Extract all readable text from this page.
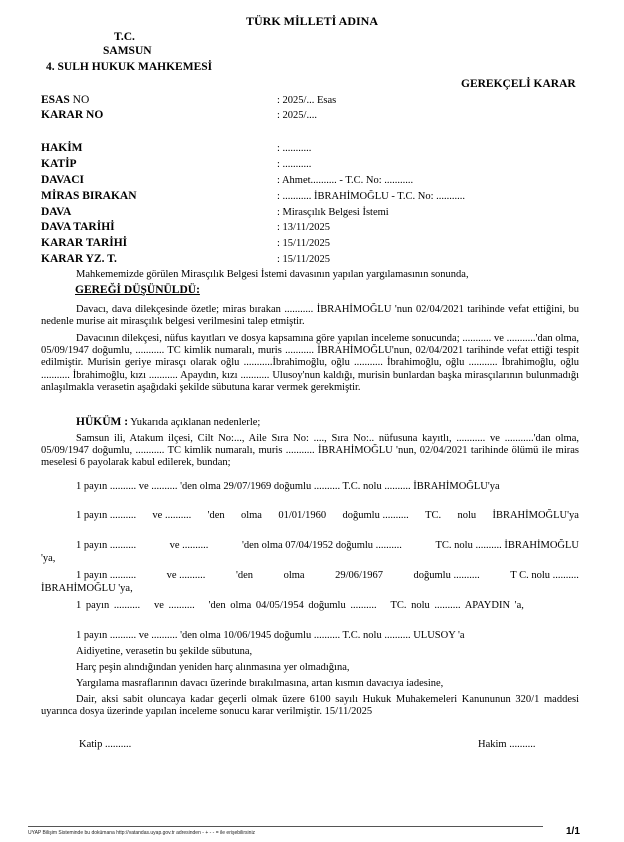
TÜRK MİLLETİ ADINA
T.C.
SAMSUN
4. SULH HUKUK MAHKEMESİ
GEREKÇELİ KARAR
ESAS NO	: 2025/... Esas
KARAR NO	: 2025/....
HAKİM	: ...........
KATİP	: ...........
DAVACI	: Ahmet.......... - T.C. No: ...........
MİRAS BIRAKAN	: ........... İBRAHİMOĞLU - T.C. No: ...........
DAVA	: Mirasçılık Belgesi İstemi
DAVA TARİHİ	: 13/11/2025
KARAR TARİHİ	: 15/11/2025
KARAR YZ. T.	: 15/11/2025
Mahkememizde görülen Mirasçılık Belgesi İstemi davasının yapılan yargılamasının sonunda,
GEREĞİ DÜŞÜNÜLDÜ:
Davacı, dava dilekçesinde özetle; miras bırakan ........... İBRAHİMOĞLU 'nun 02/04/2021 tarihinde vefat ettiğini, bu nedenle murise ait mirasçılık belgesi verilmesini talep etmiştir.
Davacının dilekçesi, nüfus kayıtları ve dosya kapsamına göre yapılan inceleme sonucunda; ........... ve ...........'dan olma, 05/09/1947 doğumlu, ........... TC kimlik numaralı, muris ........... İBRAHİMOĞLU'nun, 02/04/2021 tarihinde vefat ettiği tespit edilmiştir. Murisin geriye mirasçı olarak oğlu ...........İbrahimoğlu, oğlu ........... İbrahimoğlu, oğlu ........... İbrahimoğlu, oğlu ........... İbrahimoğlu, kızı ........... Apaydın, kızı ........... Ulusoy'nun kaldığı, murisin bunlardan başka mirasçılarının bulunmadığı anlaşılmakla verasetin aşağıdaki şekilde sübutuna karar vermek gerekmiştir.
HÜKÜM : Yukarıda açıklanan nedenlerle;
Samsun ili, Atakum ilçesi, Cilt No:..., Aile Sıra No: ...., Sıra No:.. nüfusuna kayıtlı, ........... ve ...........'dan olma, 05/09/1947 doğumlu, ........... TC kimlik numaralı, muris ........... İBRAHİMOĞLU 'nun, 02/04/2021 tarihinde ölümü ile miras meselesi 6 payolarak kabul edilerek, bundan;
1 payın .......... ve .......... 'den olma 29/07/1969 doğumlu .......... T.C. nolu .......... İBRAHİMOĞLU'ya
1 payın .......... ve .......... 'den olma 01/01/1960 doğumlu .......... TC. nolu İBRAHİMOĞLU'ya
1 payın ..........	ve ..........	'den olma 07/04/1952 doğumlu ..........	TC. nolu .......... İBRAHİMOĞLU
'ya,
1 payın ..........	ve ..........	'den	olma	29/06/1967	doğumlu ..........	T C. nolu ..........
İBRAHİMOĞLU 'ya,
1 payın .......... ve .......... 'den olma 04/05/1954 doğumlu .......... TC. nolu .......... APAYDIN 'a,
1 payın .......... ve .......... 'den olma 10/06/1945 doğumlu .......... T.C. nolu .......... ULUSOY 'a
Aidiyetine, verasetin bu şekilde sübutuna,
Harç peşin alındığından yeniden harç alınmasına yer olmadığına,
Yargılama masraflarının davacı üzerinde bırakılmasına, artan kısmın davacıya iadesine,
Dair, aksi sabit oluncaya kadar geçerli olmak üzere 6100 sayılı Hukuk Muhakemeleri Kanununun 320/1 maddesi uyarınca dosya üzerinde yapılan inceleme sonucu karar verilmiştir. 15/11/2025
Katip ..........	Hakim ..........
UYAP Bilişim Sisteminde bu dokümana http://vatandas.uyap.gov.tr adresinden - + - - = ile erişebilirsiniz	1/1
